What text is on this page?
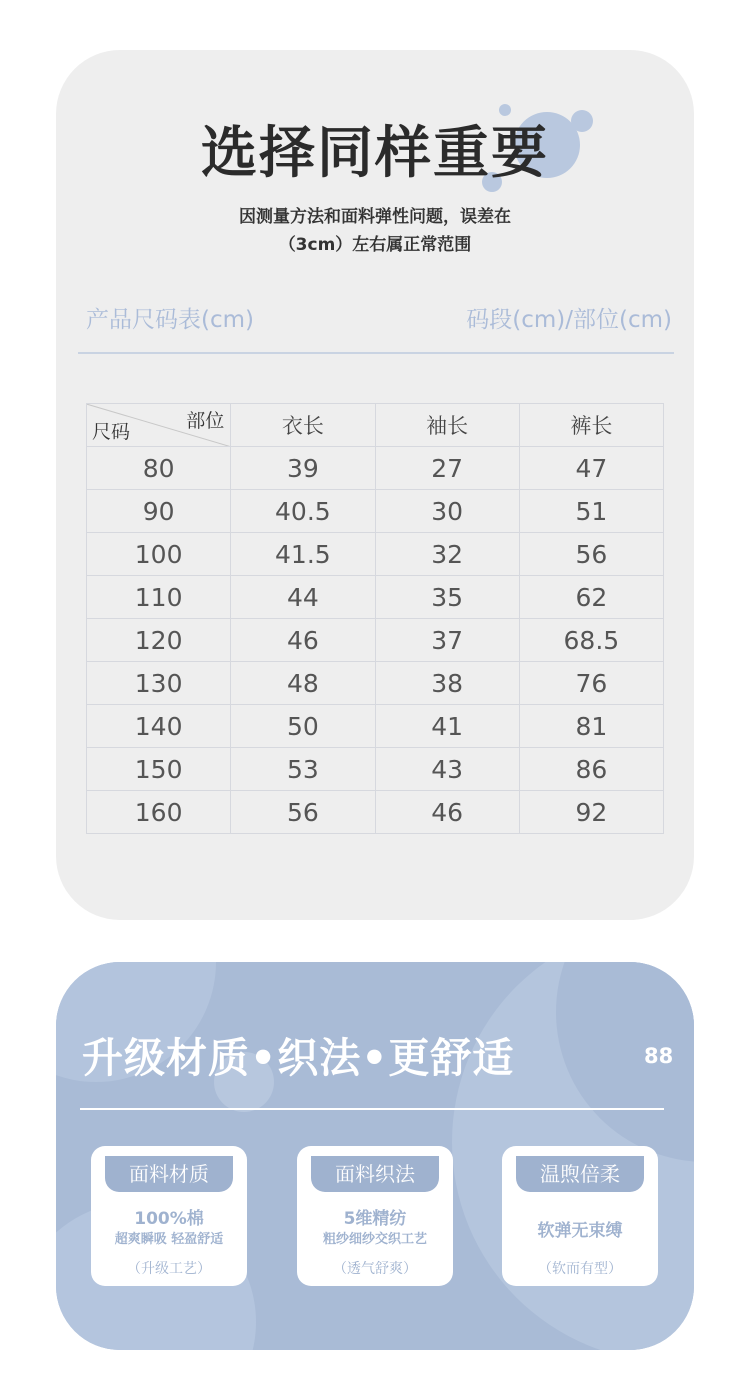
选择同样重要

因测量方法和面料弹性问题，误差在

（3cm）左右属正常范围

产品尺码表(cm)	码段(cm)/部位(cm)
部位
尺码	衣长	袖长	裤长
80	39	27	47
90	40.5	30	51
100	41.5	32	56
110	44	35	62
120	46	37	68.5
130	48	38	76
140	50	41	81
150	53	43	86
160	56	46	92
升级材质•织法•更舒适	88
面料材质
100%棉
超爽瞬吸 轻盈舒适
（升级工艺）
面料织法
5维精纺
粗纱细纱交织工艺
（透气舒爽）
温煦倍柔
软弹无束缚
（软而有型）
